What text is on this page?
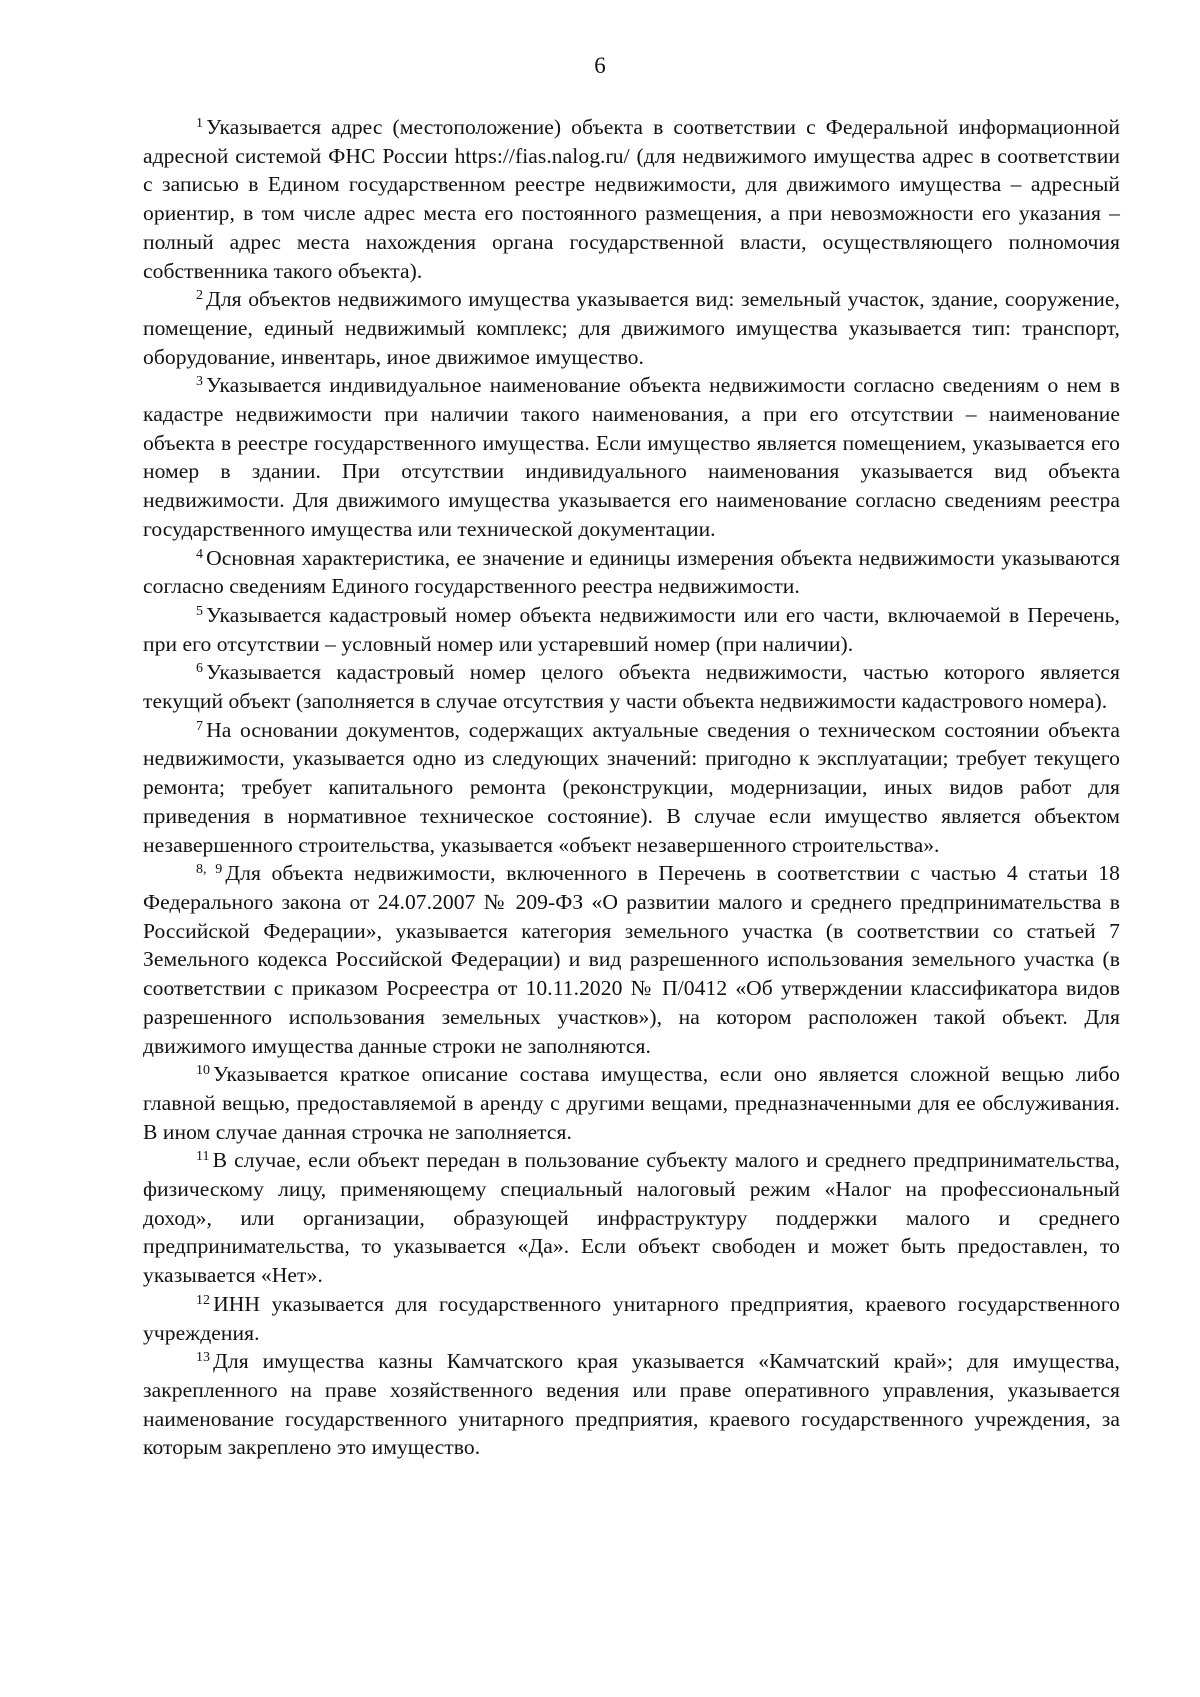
6

$^1$ Указывается адрес (местоположение) объекта в соответствии с Федеральной информационной адресной системой ФНС России https://fias.nalog.ru/ (для недвижимого имущества адрес в соответствии с записью в Едином государственном реестре недвижимости, для движимого имущества – адресный ориентир, в том числе адрес места его постоянного размещения, а при невозможности его указания – полный адрес места нахождения органа государственной власти, осуществляющего полномочия собственника такого объекта).

$^2$ Для объектов недвижимого имущества указывается вид: земельный участок, здание, сооружение, помещение, единый недвижимый комплекс; для движимого имущества указывается тип: транспорт, оборудование, инвентарь, иное движимое имущество.

$^3$ Указывается индивидуальное наименование объекта недвижимости согласно сведениям о нем в кадастре недвижимости при наличии такого наименования, а при его отсутствии – наименование объекта в реестре государственного имущества. Если имущество является помещением, указывается его номер в здании. При отсутствии индивидуального наименования указывается вид объекта недвижимости. Для движимого имущества указывается его наименование согласно сведениям реестра государственного имущества или технической документации.

$^4$ Основная характеристика, ее значение и единицы измерения объекта недвижимости указываются согласно сведениям Единого государственного реестра недвижимости.

$^5$ Указывается кадастровый номер объекта недвижимости или его части, включаемой в Перечень, при его отсутствии – условный номер или устаревший номер (при наличии).

$^6$ Указывается кадастровый номер целого объекта недвижимости, частью которого является текущий объект (заполняется в случае отсутствия у части объекта недвижимости кадастрового номера).

$^7$ На основании документов, содержащих актуальные сведения о техническом состоянии объекта недвижимости, указывается одно из следующих значений: пригодно к эксплуатации; требует текущего ремонта; требует капитального ремонта (реконструкции, модернизации, иных видов работ для приведения в нормативное техническое состояние). В случае если имущество является объектом незавершенного строительства, указывается «объект незавершенного строительства».

$^{8, 9}$ Для объекта недвижимости, включенного в Перечень в соответствии с частью 4 статьи 18 Федерального закона от 24.07.2007 № 209-ФЗ «О развитии малого и среднего предпринимательства в Российской Федерации», указывается категория земельного участка (в соответствии со статьей 7 Земельного кодекса Российской Федерации) и вид разрешенного использования земельного участка (в соответствии с приказом Росреестра от 10.11.2020 № П/0412 «Об утверждении классификатора видов разрешенного использования земельных участков»), на котором расположен такой объект. Для движимого имущества данные строки не заполняются.

$^{10}$ Указывается краткое описание состава имущества, если оно является сложной вещью либо главной вещью, предоставляемой в аренду с другими вещами, предназначенными для ее обслуживания. В ином случае данная строчка не заполняется.

$^{11}$ В случае, если объект передан в пользование субъекту малого и среднего предпринимательства, физическому лицу, применяющему специальный налоговый режим «Налог на профессиональный доход», или организации, образующей инфраструктуру поддержки малого и среднего предпринимательства, то указывается «Да». Если объект свободен и может быть предоставлен, то указывается «Нет».

$^{12}$ ИНН указывается для государственного унитарного предприятия, краевого государственного учреждения.

$^{13}$ Для имущества казны Камчатского края указывается «Камчатский край»; для имущества, закрепленного на праве хозяйственного ведения или праве оперативного управления, указывается наименование государственного унитарного предприятия, краевого государственного учреждения, за которым закреплено это имущество.
